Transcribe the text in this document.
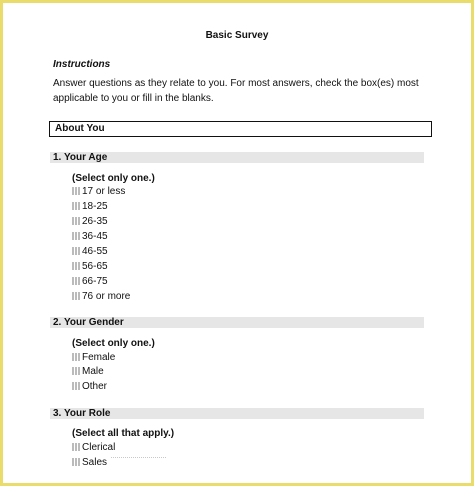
Basic Survey
Instructions
Answer questions as they relate to you. For most answers, check the box(es) most applicable to you or fill in the blanks.
About You
1. Your Age
(Select only one.)
17 or less
18-25
26-35
36-45
46-55
56-65
66-75
76 or more
2. Your Gender
(Select only one.)
Female
Male
Other
3. Your Role
(Select all that apply.)
Clerical
Sales
